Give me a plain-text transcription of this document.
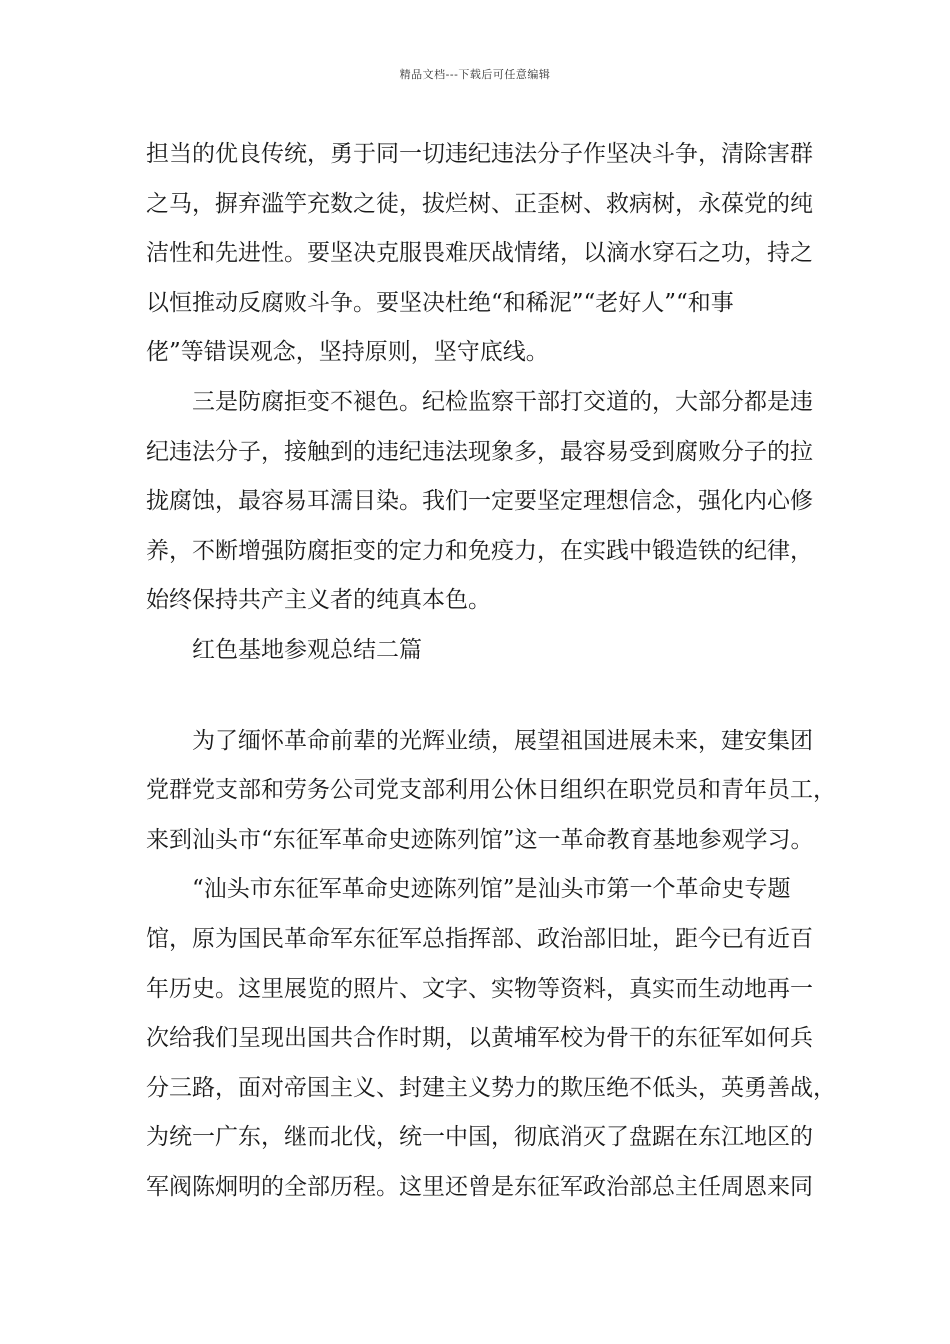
精品文档---下载后可任意编辑
担当的优良传统，勇于同一切违纪违法分子作坚决斗争，清除害群
之马，摒弃滥竽充数之徒，拔烂树、正歪树、救病树，永葆党的纯
洁性和先进性。要坚决克服畏难厌战情绪，以滴水穿石之功，持之
以恒推动反腐败斗争。要坚决杜绝“和稀泥”“老好人”“和事
佬”等错误观念，坚持原则，坚守底线。
三是防腐拒变不褪色。纪检监察干部打交道的，大部分都是违
纪违法分子，接触到的违纪违法现象多，最容易受到腐败分子的拉
拢腐蚀，最容易耳濡目染。我们一定要坚定理想信念，强化内心修
养，不断增强防腐拒变的定力和免疫力，在实践中锻造铁的纪律，
始终保持共产主义者的纯真本色。
红色基地参观总结二篇
为了缅怀革命前辈的光辉业绩，展望祖国进展未来，建安集团
党群党支部和劳务公司党支部利用公休日组织在职党员和青年员工，
来到汕头市“东征军革命史迹陈列馆”这一革命教育基地参观学习。
“汕头市东征军革命史迹陈列馆”是汕头市第一个革命史专题
馆，原为国民革命军东征军总指挥部、政治部旧址，距今已有近百
年历史。这里展览的照片、文字、实物等资料，真实而生动地再一
次给我们呈现出国共合作时期，以黄埔军校为骨干的东征军如何兵
分三路，面对帝国主义、封建主义势力的欺压绝不低头，英勇善战，
为统一广东，继而北伐，统一中国，彻底消灭了盘踞在东江地区的
军阀陈炯明的全部历程。这里还曾是东征军政治部总主任周恩来同
